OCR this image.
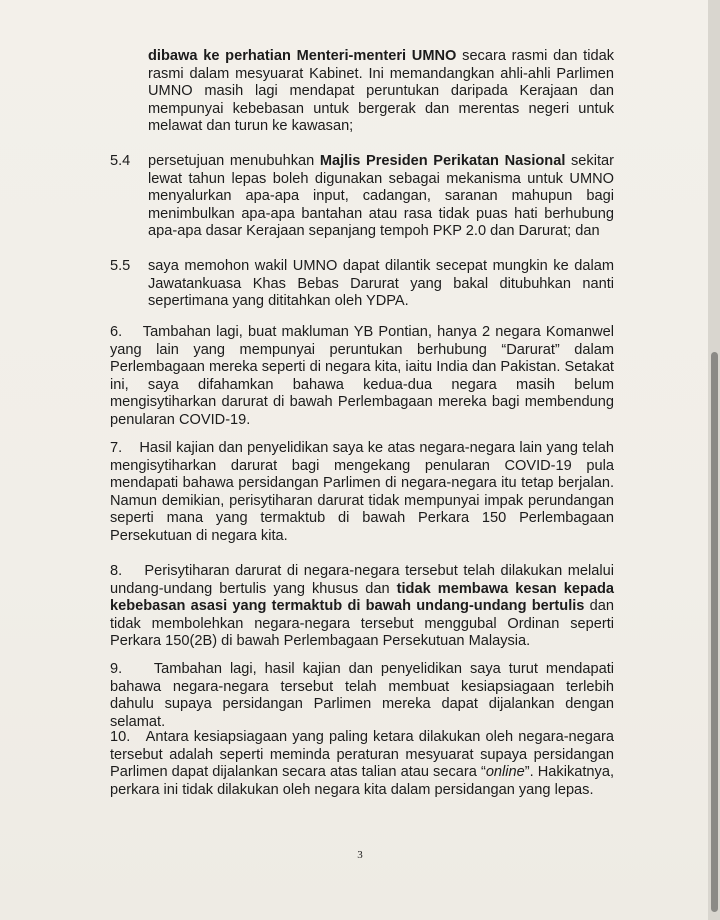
dibawa ke perhatian Menteri-menteri UMNO secara rasmi dan tidak rasmi dalam mesyuarat Kabinet. Ini memandangkan ahli-ahli Parlimen UMNO masih lagi mendapat peruntukan daripada Kerajaan dan mempunyai kebebasan untuk bergerak dan merentas negeri untuk melawat dan turun ke kawasan;
5.4 persetujuan menubuhkan Majlis Presiden Perikatan Nasional sekitar lewat tahun lepas boleh digunakan sebagai mekanisma untuk UMNO menyalurkan apa-apa input, cadangan, saranan mahupun bagi menimbulkan apa-apa bantahan atau rasa tidak puas hati berhubung apa-apa dasar Kerajaan sepanjang tempoh PKP 2.0 dan Darurat; dan
5.5 saya memohon wakil UMNO dapat dilantik secepat mungkin ke dalam Jawatankuasa Khas Bebas Darurat yang bakal ditubuhkan nanti sepertimana yang dititahkan oleh YDPA.
6.    Tambahan lagi, buat makluman YB Pontian, hanya 2 negara Komanwel yang lain yang mempunyai peruntukan berhubung “Darurat” dalam Perlembagaan mereka seperti di negara kita, iaitu India dan Pakistan. Setakat ini, saya difahamkan bahawa kedua-dua negara masih belum mengisytiharkan darurat di bawah Perlembagaan mereka bagi membendung penularan COVID-19.
7.    Hasil kajian dan penyelidikan saya ke atas negara-negara lain yang telah mengisytiharkan darurat bagi mengekang penularan COVID-19 pula mendapati bahawa persidangan Parlimen di negara-negara itu tetap berjalan. Namun demikian, perisytiharan darurat tidak mempunyai impak perundangan seperti mana yang termaktub di bawah Perkara 150 Perlembagaan Persekutuan di negara kita.
8.    Perisytiharan darurat di negara-negara tersebut telah dilakukan melalui undang-undang bertulis yang khusus dan tidak membawa kesan kepada kebebasan asasi yang termaktub di bawah undang-undang bertulis dan tidak membolehkan negara-negara tersebut menggubal Ordinan seperti Perkara 150(2B) di bawah Perlembagaan Persekutuan Malaysia.
9.    Tambahan lagi, hasil kajian dan penyelidikan saya turut mendapati bahawa negara-negara tersebut telah membuat kesiapsiagaan terlebih dahulu supaya persidangan Parlimen mereka dapat dijalankan dengan selamat.
10.   Antara kesiapsiagaan yang paling ketara dilakukan oleh negara-negara tersebut adalah seperti meminda peraturan mesyuarat supaya persidangan Parlimen dapat dijalankan secara atas talian atau secara “online”. Hakikatnya, perkara ini tidak dilakukan oleh negara kita dalam persidangan yang lepas.
3
